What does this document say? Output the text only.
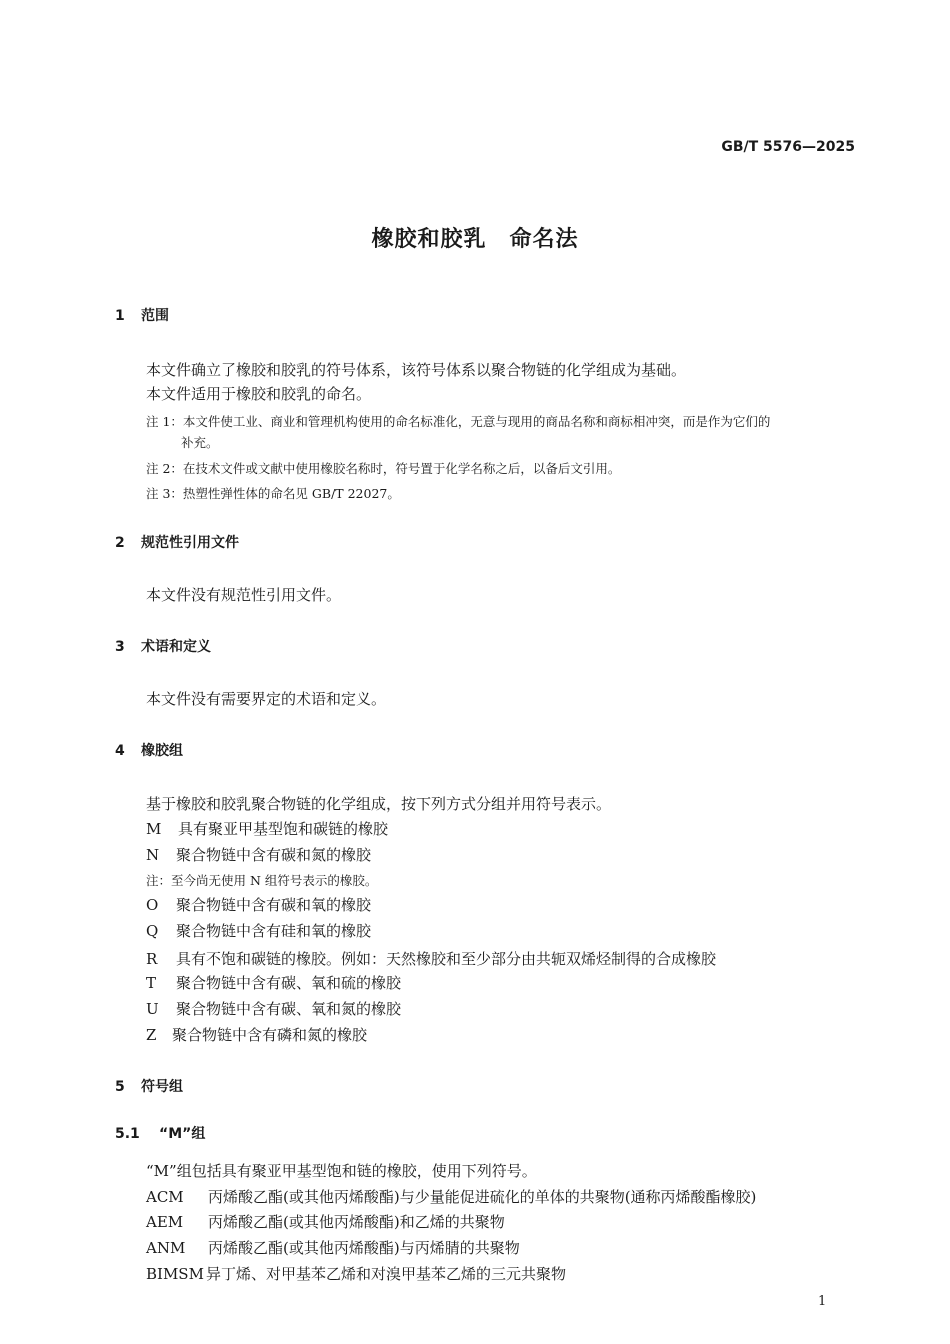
GB/T 5576—2025
橡胶和胶乳　命名法
1 范围
本文件确立了橡胶和胶乳的符号体系，该符号体系以聚合物链的化学组成为基础。
本文件适用于橡胶和胶乳的命名。
注 1：本文件使工业、商业和管理机构使用的命名标准化，无意与现用的商品名称和商标相冲突，而是作为它们的
补充。
注 2：在技术文件或文献中使用橡胶名称时，符号置于化学名称之后，以备后文引用。
注 3：热塑性弹性体的命名见 GB/T 22027。
2 规范性引用文件
本文件没有规范性引用文件。
3 术语和定义
本文件没有需要界定的术语和定义。
4 橡胶组
基于橡胶和胶乳聚合物链的化学组成，按下列方式分组并用符号表示。
M 具有聚亚甲基型饱和碳链的橡胶
N 聚合物链中含有碳和氮的橡胶
注：至今尚无使用 N 组符号表示的橡胶。
O 聚合物链中含有碳和氧的橡胶
Q 聚合物链中含有硅和氧的橡胶
R 具有不饱和碳链的橡胶。例如：天然橡胶和至少部分由共轭双烯烃制得的合成橡胶
T 聚合物链中含有碳、氧和硫的橡胶
U 聚合物链中含有碳、氧和氮的橡胶
Z 聚合物链中含有磷和氮的橡胶
5 符号组
5.1 “M”组
“M”组包括具有聚亚甲基型饱和链的橡胶，使用下列符号。
ACM 丙烯酸乙酯(或其他丙烯酸酯)与少量能促进硫化的单体的共聚物(通称丙烯酸酯橡胶)
AEM 丙烯酸乙酯(或其他丙烯酸酯)和乙烯的共聚物
ANM 丙烯酸乙酯(或其他丙烯酸酯)与丙烯腈的共聚物
BIMSM 异丁烯、对甲基苯乙烯和对溴甲基苯乙烯的三元共聚物
1
